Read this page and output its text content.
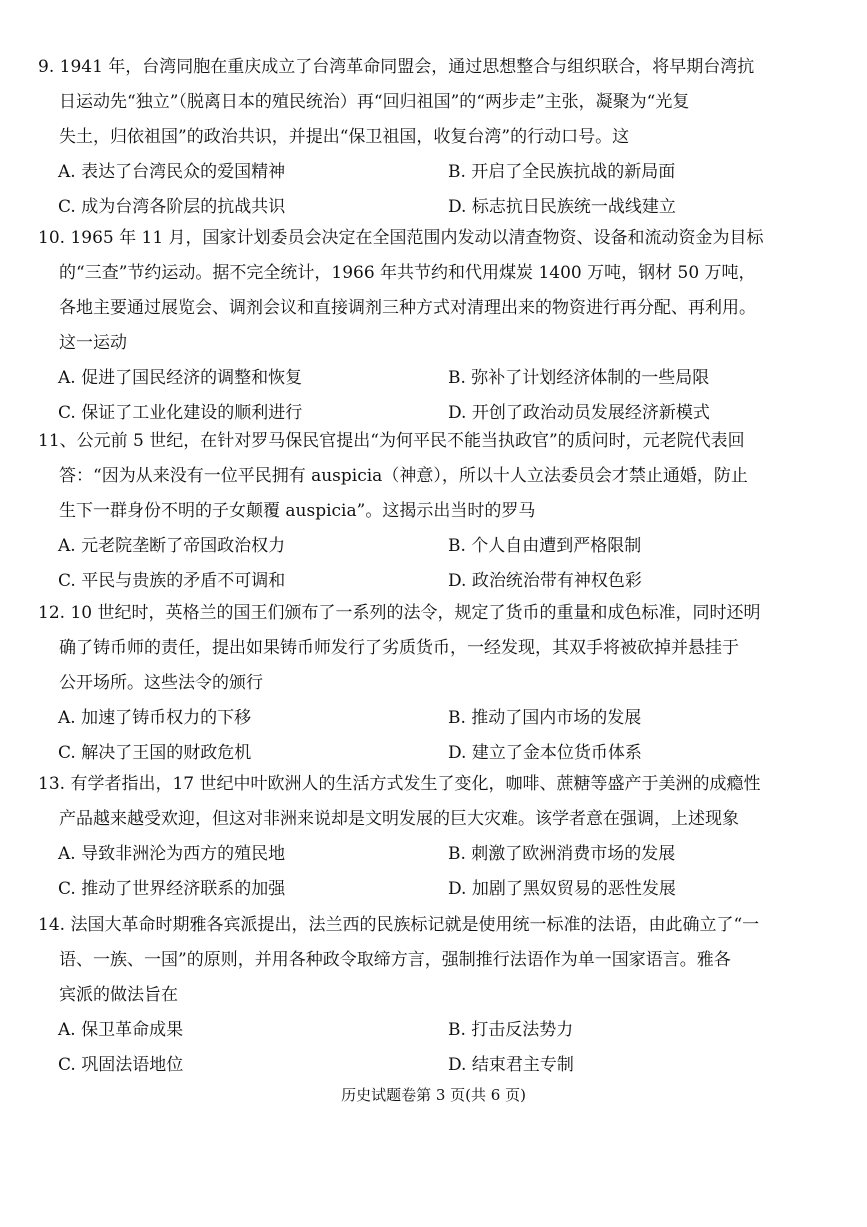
9. 1941 年，台湾同胞在重庆成立了台湾革命同盟会，通过思想整合与组织联合，将早期台湾抗
日运动先“独立”（脱离日本的殖民统治）再“回归祖国”的“两步走”主张，凝聚为“光复
失土，归依祖国”的政治共识，并提出“保卫祖国，收复台湾”的行动口号。这
A. 表达了台湾民众的爱国精神	B. 开启了全民族抗战的新局面
C. 成为台湾各阶层的抗战共识	D. 标志抗日民族统一战线建立
10. 1965 年 11 月，国家计划委员会决定在全国范围内发动以清查物资、设备和流动资金为目标
的“三查”节约运动。据不完全统计，1966 年共节约和代用煤炭 1400 万吨，钢材 50 万吨，
各地主要通过展览会、调剂会议和直接调剂三种方式对清理出来的物资进行再分配、再利用。
这一运动
A. 促进了国民经济的调整和恢复	B. 弥补了计划经济体制的一些局限
C. 保证了工业化建设的顺利进行	D. 开创了政治动员发展经济新模式
11、公元前 5 世纪，在针对罗马保民官提出“为何平民不能当执政官”的质问时，元老院代表回
答：“因为从来没有一位平民拥有 auspicia（神意），所以十人立法委员会才禁止通婚，防止
生下一群身份不明的子女颠覆 auspicia”。这揭示出当时的罗马
A. 元老院垄断了帝国政治权力	B. 个人自由遭到严格限制
C. 平民与贵族的矛盾不可调和	D. 政治统治带有神权色彩
12. 10 世纪时，英格兰的国王们颁布了一系列的法令，规定了货币的重量和成色标准，同时还明
确了铸币师的责任，提出如果铸币师发行了劣质货币，一经发现，其双手将被砍掉并悬挂于
公开场所。这些法令的颁行
A. 加速了铸币权力的下移	B. 推动了国内市场的发展
C. 解决了王国的财政危机	D. 建立了金本位货币体系
13. 有学者指出，17 世纪中叶欧洲人的生活方式发生了变化，咖啡、蔗糖等盛产于美洲的成瘾性
产品越来越受欢迎，但这对非洲来说却是文明发展的巨大灾难。该学者意在强调，上述现象
A. 导致非洲沦为西方的殖民地	B. 刺激了欧洲消费市场的发展
C. 推动了世界经济联系的加强	D. 加剧了黑奴贸易的恶性发展
14. 法国大革命时期雅各宾派提出，法兰西的民族标记就是使用统一标准的法语，由此确立了“一
语、一族、一国”的原则，并用各种政令取缔方言，强制推行法语作为单一国家语言。雅各
宾派的做法旨在
A. 保卫革命成果	B. 打击反法势力
C. 巩固法语地位	D. 结束君主专制
历史试题卷第 3 页(共 6 页)
